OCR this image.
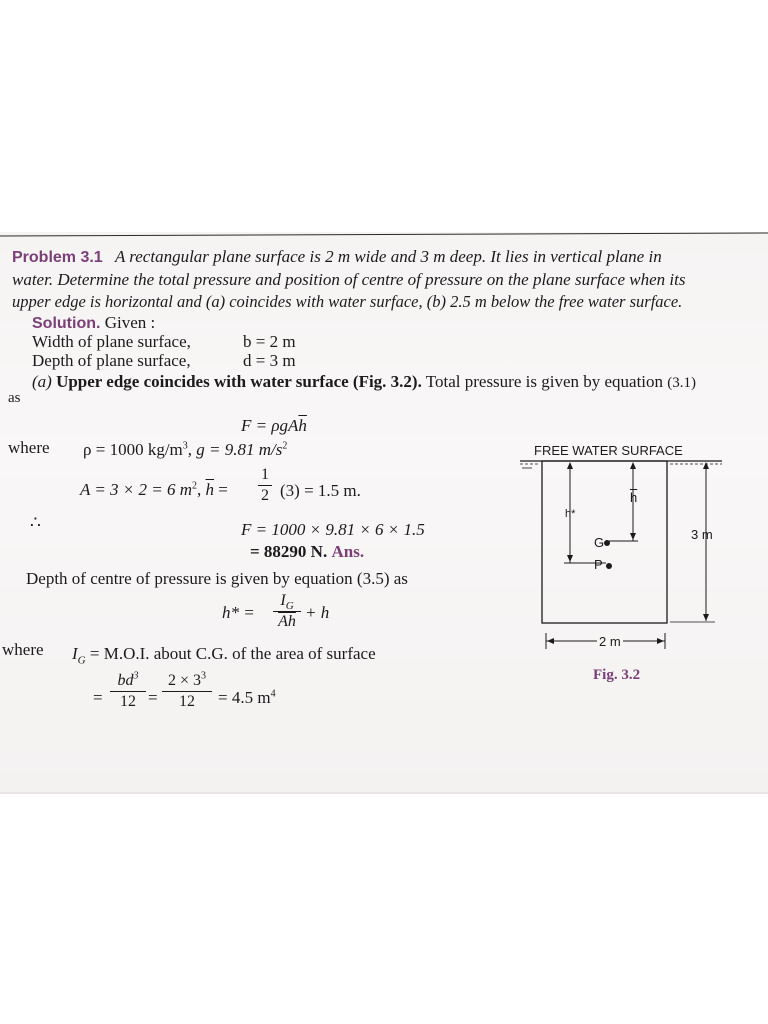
Problem 3.1 A rectangular plane surface is 2 m wide and 3 m deep. It lies in vertical plane in
water. Determine the total pressure and position of centre of pressure on the plane surface when its
upper edge is horizontal and (a) coincides with water surface, (b) 2.5 m below the free water surface.
Solution. Given :
Width of plane surface,	b = 2 m
Depth of plane surface,	d = 3 m
(a) Upper edge coincides with water surface (Fig. 3.2). Total pressure is given by equation (3.1)
as
$F = \rho gA\overline{h}$
where ρ = 1000 $kg/m^3$, g = 9.81 $m/s^2$
A = 3 × 2 = 6 $m^2$, $\overline{h}$ =
1
2 (3) = 1.5 m.
∴	F = 1000 × 9.81 × 6 × 1.5
= 88290 N. Ans.
Depth of centre of pressure is given by equation (3.5) as
$h* = \frac{I_G}{Ah} + h$
where $I_G = M.O.I$. about C.G. of the area of surface
=
$bd^3$
12 =
$2 \times 3^3$
12	= 4.5 $m^4$
FREE WATER SURFACE
h*
$\overline{h}$
G
P
3 m
2 m
Fig. 3.2
